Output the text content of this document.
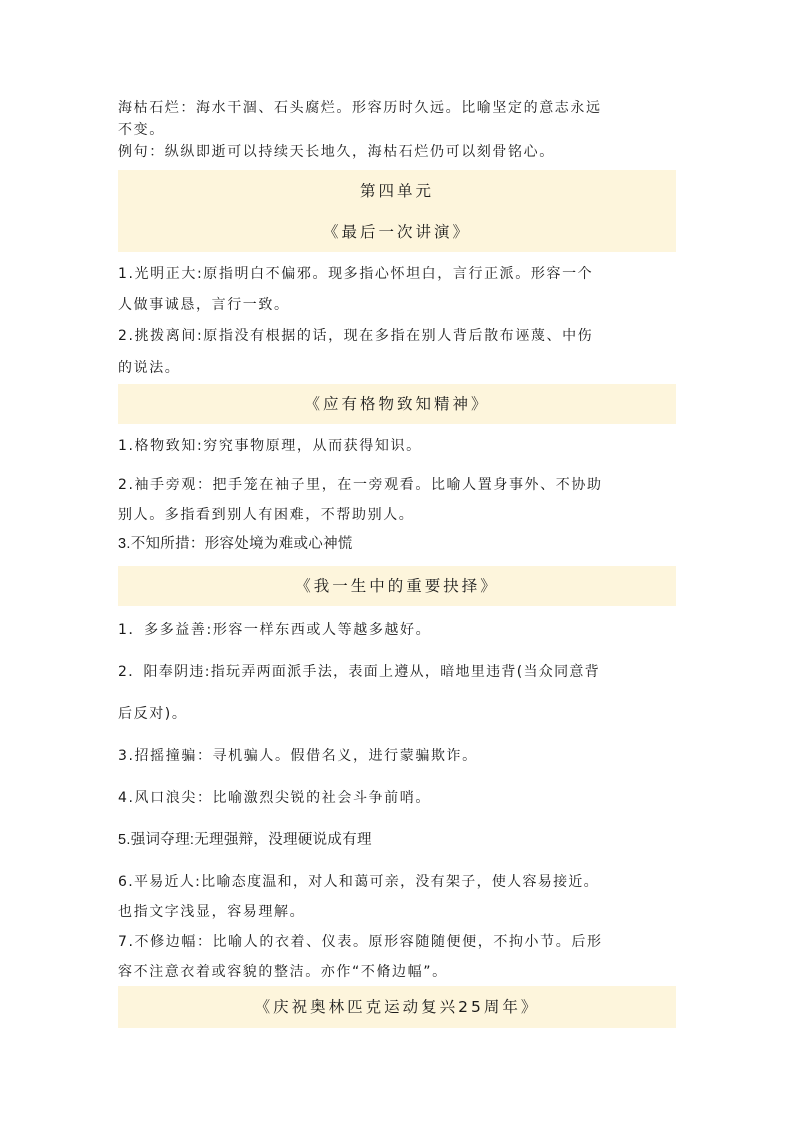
海枯石烂：海水干涸、石头腐烂。形容历时久远。比喻坚定的意志永远
不变。
例句：纵纵即逝可以持续天长地久，海枯石烂仍可以刻骨铭心。
第四单元
《最后一次讲演》
1.光明正大:原指明白不偏邪。现多指心怀坦白，言行正派。形容一个
人做事诚恳，言行一致。
2.挑拨离间:原指没有根据的话，现在多指在别人背后散布诬蔑、中伤
的说法。
《应有格物致知精神》
1.格物致知:穷究事物原理，从而获得知识。
2.袖手旁观：把手笼在袖子里，在一旁观看。比喻人置身事外、不协助
别人。多指看到别人有困难，不帮助别人。
3.不知所措：形容处境为难或心神慌
《我一生中的重要抉择》
1．多多益善:形容一样东西或人等越多越好。
2．阳奉阴违:指玩弄两面派手法，表面上遵从，暗地里违背(当众同意背
后反对)。
3.招摇撞骗：寻机骗人。假借名义，进行蒙骗欺诈。
4.风口浪尖：比喻激烈尖锐的社会斗争前哨。
5.强词夺理:无理强辩，没理硬说成有理
6.平易近人:比喻态度温和，对人和蔼可亲，没有架子，使人容易接近。
也指文字浅显，容易理解。
7.不修边幅：比喻人的衣着、仪表。原形容随随便便，不拘小节。后形
容不注意衣着或容貌的整洁。亦作“不脩边幅”。
《庆祝奥林匹克运动复兴25周年》
